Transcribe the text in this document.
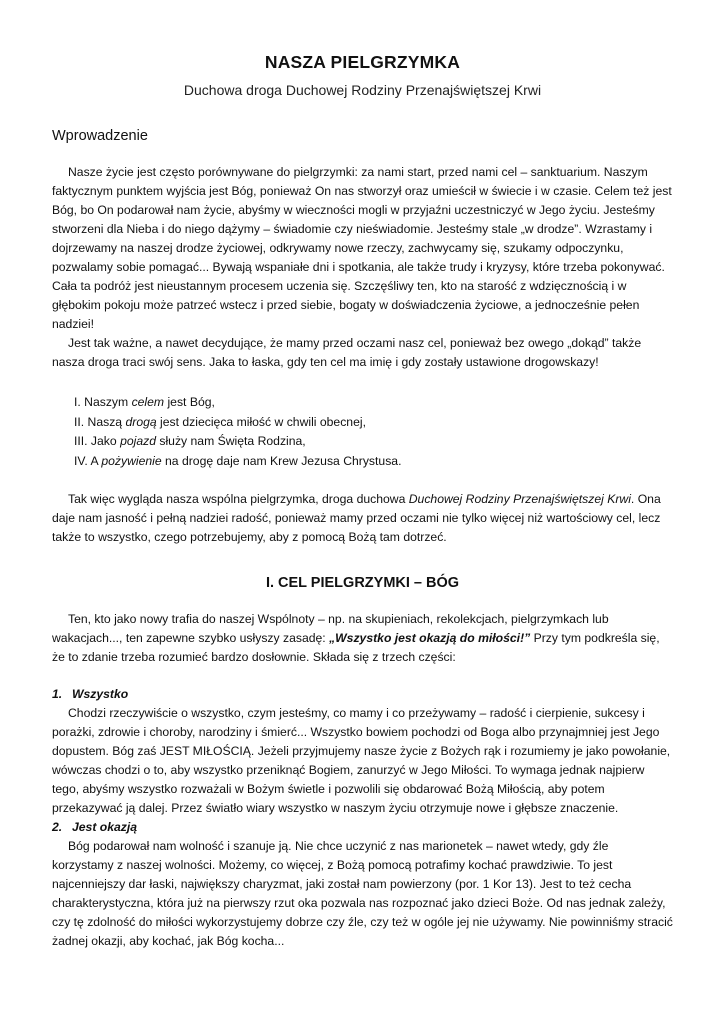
NASZA PIELGRZYMKA
Duchowa droga Duchowej Rodziny Przenajświętszej Krwi
Wprowadzenie

Nasze życie jest często porównywane do pielgrzymki: za nami start, przed nami cel – sanktuarium. Naszym faktycznym punktem wyjścia jest Bóg, ponieważ On nas stworzył oraz umieścił w świecie i w czasie. Celem też jest Bóg, bo On podarował nam życie, abyśmy w wieczności mogli w przyjaźni uczestniczyć w Jego życiu. Jesteśmy stworzeni dla Nieba i do niego dążymy – świadomie czy nieświadomie. Jesteśmy stale „w drodze”. Wzrastamy i dojrzewamy na naszej drodze życiowej, odkrywamy nowe rzeczy, zachwycamy się, szukamy odpoczynku, pozwalamy sobie pomagać... Bywają wspaniałe dni i spotkania, ale także trudy i kryzysy, które trzeba pokonywać. Cała ta podróż jest nieustannym procesem uczenia się. Szczęśliwy ten, kto na starość z wdzięcznością i w głębokim pokoju może patrzeć wstecz i przed siebie, bogaty w doświadczenia życiowe, a jednocześnie pełen nadziei!

Jest tak ważne, a nawet decydujące, że mamy przed oczami nasz cel, ponieważ bez owego „dokąd” także nasza droga traci swój sens. Jaka to łaska, gdy ten cel ma imię i gdy zostały ustawione drogowskazy!

I. Naszym celem jest Bóg,
II. Naszą drogą jest dziecięca miłość w chwili obecnej,
III. Jako pojazd służy nam Święta Rodzina,
IV. A pożywienie na drogę daje nam Krew Jezusa Chrystusa.

Tak więc wygląda nasza wspólna pielgrzymka, droga duchowa Duchowej Rodziny Przenajświętszej Krwi. Ona daje nam jasność i pełną nadziei radość, ponieważ mamy przed oczami nie tylko więcej niż wartościowy cel, lecz także to wszystko, czego potrzebujemy, aby z pomocą Bożą tam dotrzeć.

I. CEL PIELGRZYMKI – BÓG

Ten, kto jako nowy trafia do naszej Wspólnoty – np. na skupieniach, rekolekcjach, pielgrzymkach lub wakacjach..., ten zapewne szybko usłyszy zasadę: „Wszystko jest okazją do miłości!” Przy tym podkreśla się, że to zdanie trzeba rozumieć bardzo dosłownie. Składa się z trzech części:

1. Wszystko

Chodzi rzeczywiście o wszystko, czym jesteśmy, co mamy i co przeżywamy – radość i cierpienie, sukcesy i porażki, zdrowie i choroby, narodziny i śmierć... Wszystko bowiem pochodzi od Boga albo przynajmniej jest Jego dopustem. Bóg zaś JEST MIŁOŚCIĄ. Jeżeli przyjmujemy nasze życie z Bożych rąk i rozumiemy je jako powołanie, wówczas chodzi o to, aby wszystko przeniknąć Bogiem, zanurzyć w Jego Miłości. To wymaga jednak najpierw tego, abyśmy wszystko rozważali w Bożym świetle i pozwolili się obdarować Bożą Miłością, aby potem przekazywać ją dalej. Przez światło wiary wszystko w naszym życiu otrzymuje nowe i głębsze znaczenie.

2. Jest okazją

Bóg podarował nam wolność i szanuje ją. Nie chce uczynić z nas marionetek – nawet wtedy, gdy źle korzystamy z naszej wolności. Możemy, co więcej, z Bożą pomocą potrafimy kochać prawdziwie. To jest najcenniejszy dar łaski, największy charyzmat, jaki został nam powierzony (por. 1 Kor 13). Jest to też cecha charakterystyczna, która już na pierwszy rzut oka pozwala nas rozpoznać jako dzieci Boże. Od nas jednak zależy, czy tę zdolność do miłości wykorzystujemy dobrze czy źle, czy też w ogóle jej nie używamy. Nie powinniśmy stracić żadnej okazji, aby kochać, jak Bóg kocha...
